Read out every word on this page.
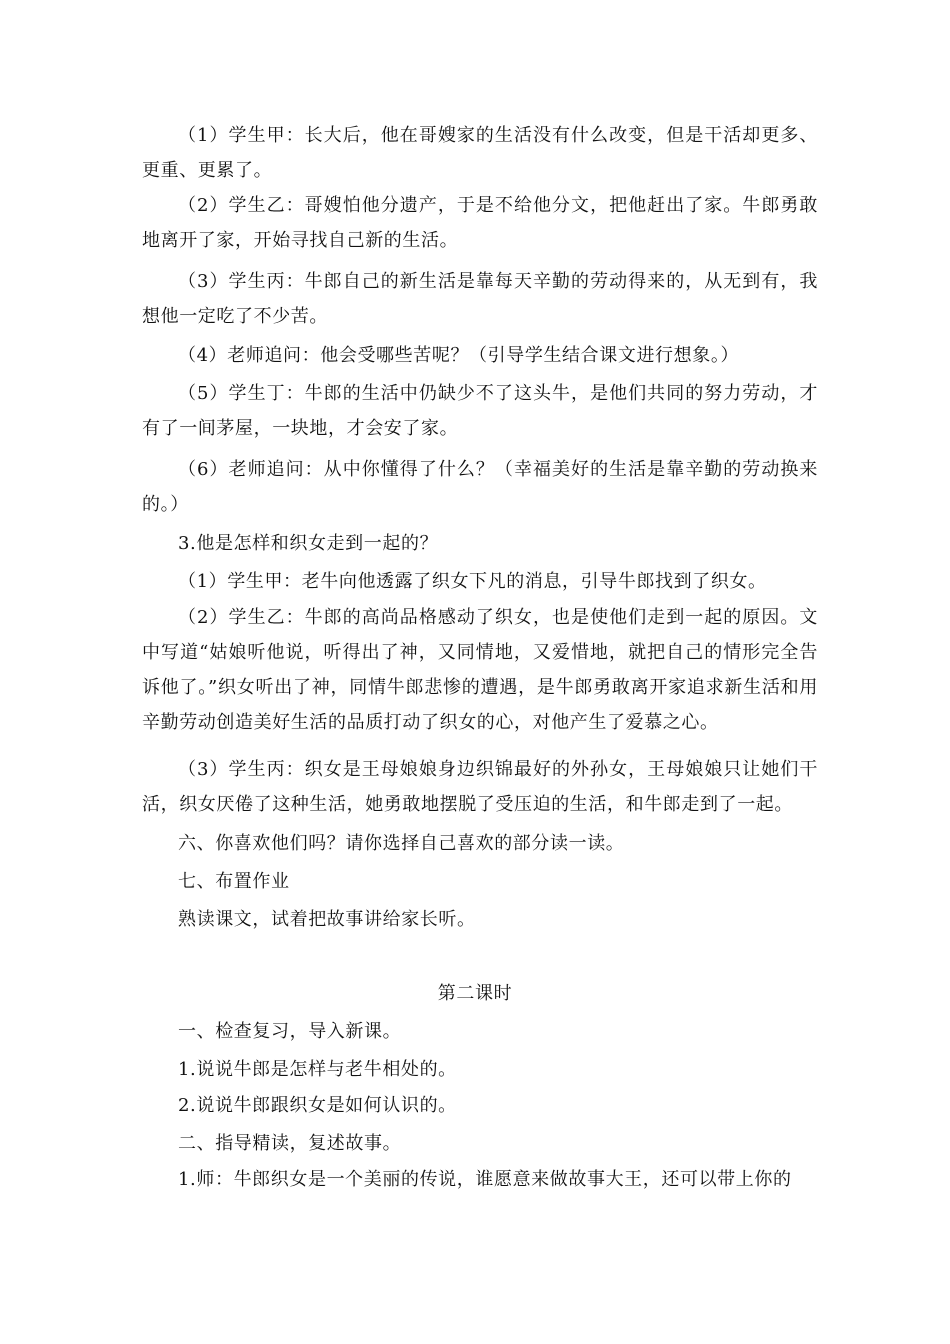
（1）学生甲：长大后，他在哥嫂家的生活没有什么改变，但是干活却更多、更重、更累了。

（2）学生乙：哥嫂怕他分遗产，于是不给他分文，把他赶出了家。牛郎勇敢地离开了家，开始寻找自己新的生活。

（3）学生丙：牛郎自己的新生活是靠每天辛勤的劳动得来的，从无到有，我想他一定吃了不少苦。

（4）老师追问：他会受哪些苦呢？（引导学生结合课文进行想象。）

（5）学生丁：牛郎的生活中仍缺少不了这头牛，是他们共同的努力劳动，才有了一间茅屋，一块地，才会安了家。

（6）老师追问：从中你懂得了什么？（幸福美好的生活是靠辛勤的劳动换来的。）

3.他是怎样和织女走到一起的？

（1）学生甲：老牛向他透露了织女下凡的消息，引导牛郎找到了织女。

（2）学生乙：牛郎的高尚品格感动了织女，也是使他们走到一起的原因。文中写道“姑娘听他说，听得出了神，又同情地，又爱惜地，就把自己的情形完全告诉他了。”织女听出了神，同情牛郎悲惨的遭遇，是牛郎勇敢离开家追求新生活和用辛勤劳动创造美好生活的品质打动了织女的心，对他产生了爱慕之心。

（3）学生丙：织女是王母娘娘身边织锦最好的外孙女，王母娘娘只让她们干活，织女厌倦了这种生活，她勇敢地摆脱了受压迫的生活，和牛郎走到了一起。

六、你喜欢他们吗？请你选择自己喜欢的部分读一读。

七、布置作业

熟读课文，试着把故事讲给家长听。

第二课时

一、检查复习，导入新课。

1.说说牛郎是怎样与老牛相处的。

2.说说牛郎跟织女是如何认识的。

二、指导精读，复述故事。

1.师：牛郎织女是一个美丽的传说，谁愿意来做故事大王，还可以带上你的
